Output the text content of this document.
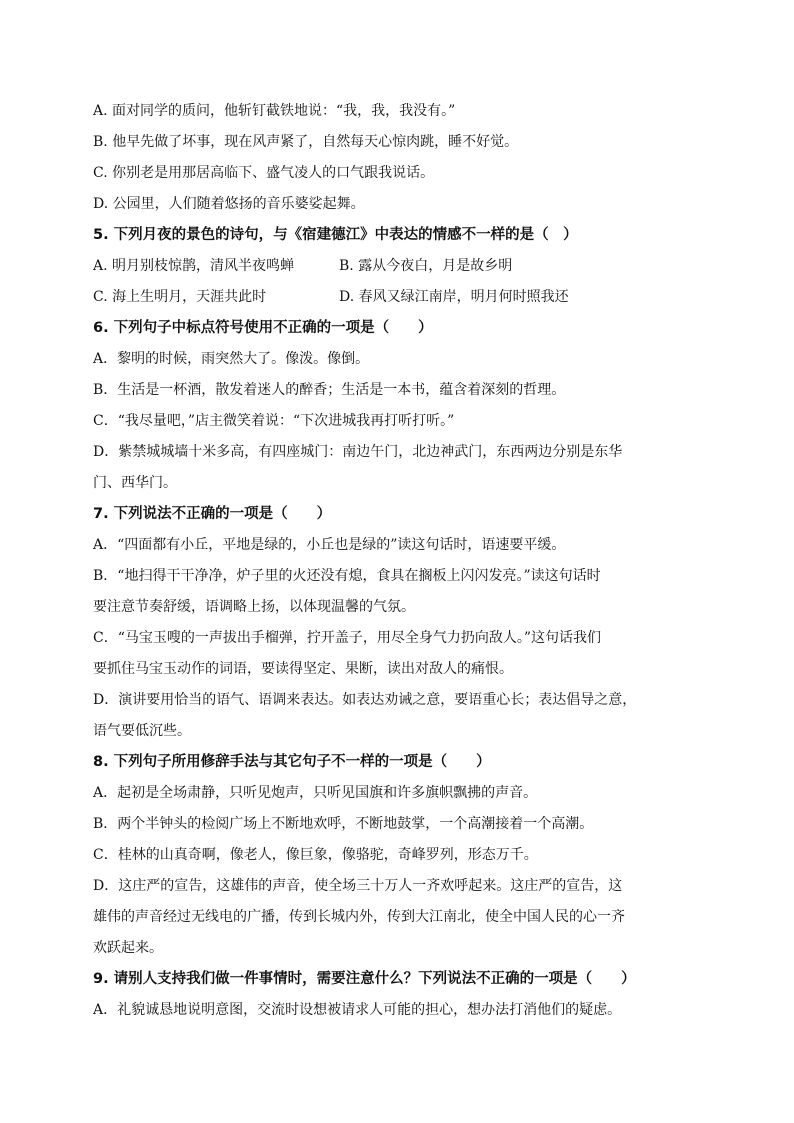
A. 面对同学的质问，他斩钉截铁地说：“我，我，我没有。”
B. 他早先做了坏事，现在风声紧了，自然每天心惊肉跳，睡不好觉。
C. 你别老是用那居高临下、盛气凌人的口气跟我说话。
D. 公园里，人们随着悠扬的音乐婆娑起舞。
5. 下列月夜的景色的诗句，与《宿建德江》中表达的情感不一样的是（　）
A. 明月别枝惊鹊，清风半夜鸣蝉	B. 露从今夜白，月是故乡明
C. 海上生明月，天涯共此时	D. 春风又绿江南岸，明月何时照我还
6. 下列句子中标点符号使用不正确的一项是（　　）
A．黎明的时候，雨突然大了。像泼。像倒。
B．生活是一杯酒，散发着迷人的醉香；生活是一本书，蕴含着深刻的哲理。
C．“我尽量吧，”店主微笑着说：“下次进城我再打听打听。”
D．紫禁城城墙十米多高，有四座城门：南边午门，北边神武门，东西两边分别是东华
门、西华门。
7. 下列说法不正确的一项是（　　）
A．“四面都有小丘，平地是绿的，小丘也是绿的”读这句话时，语速要平缓。
B．“地扫得干干净净，炉子里的火还没有熄，食具在搁板上闪闪发亮。”读这句话时
要注意节奏舒缓，语调略上扬，以体现温馨的气氛。
C．“马宝玉嗖的一声拔出手榴弹，拧开盖子，用尽全身气力扔向敌人。”这句话我们
要抓住马宝玉动作的词语，要读得坚定、果断，读出对敌人的痛恨。
D．演讲要用恰当的语气、语调来表达。如表达劝诫之意，要语重心长；表达倡导之意，
语气要低沉些。
8. 下列句子所用修辞手法与其它句子不一样的一项是（　　）
A．起初是全场肃静，只听见炮声，只听见国旗和许多旗帜飘拂的声音。
B．两个半钟头的检阅广场上不断地欢呼，不断地鼓掌，一个高潮接着一个高潮。
C．桂林的山真奇啊，像老人，像巨象，像骆驼，奇峰罗列，形态万千。
D．这庄严的宣告，这雄伟的声音，使全场三十万人一齐欢呼起来。这庄严的宣告，这
雄伟的声音经过无线电的广播，传到长城内外，传到大江南北，使全中国人民的心一齐
欢跃起来。
9. 请别人支持我们做一件事情时，需要注意什么？下列说法不正确的一项是（　　）
A．礼貌诚恳地说明意图，交流时设想被请求人可能的担心，想办法打消他们的疑虑。
